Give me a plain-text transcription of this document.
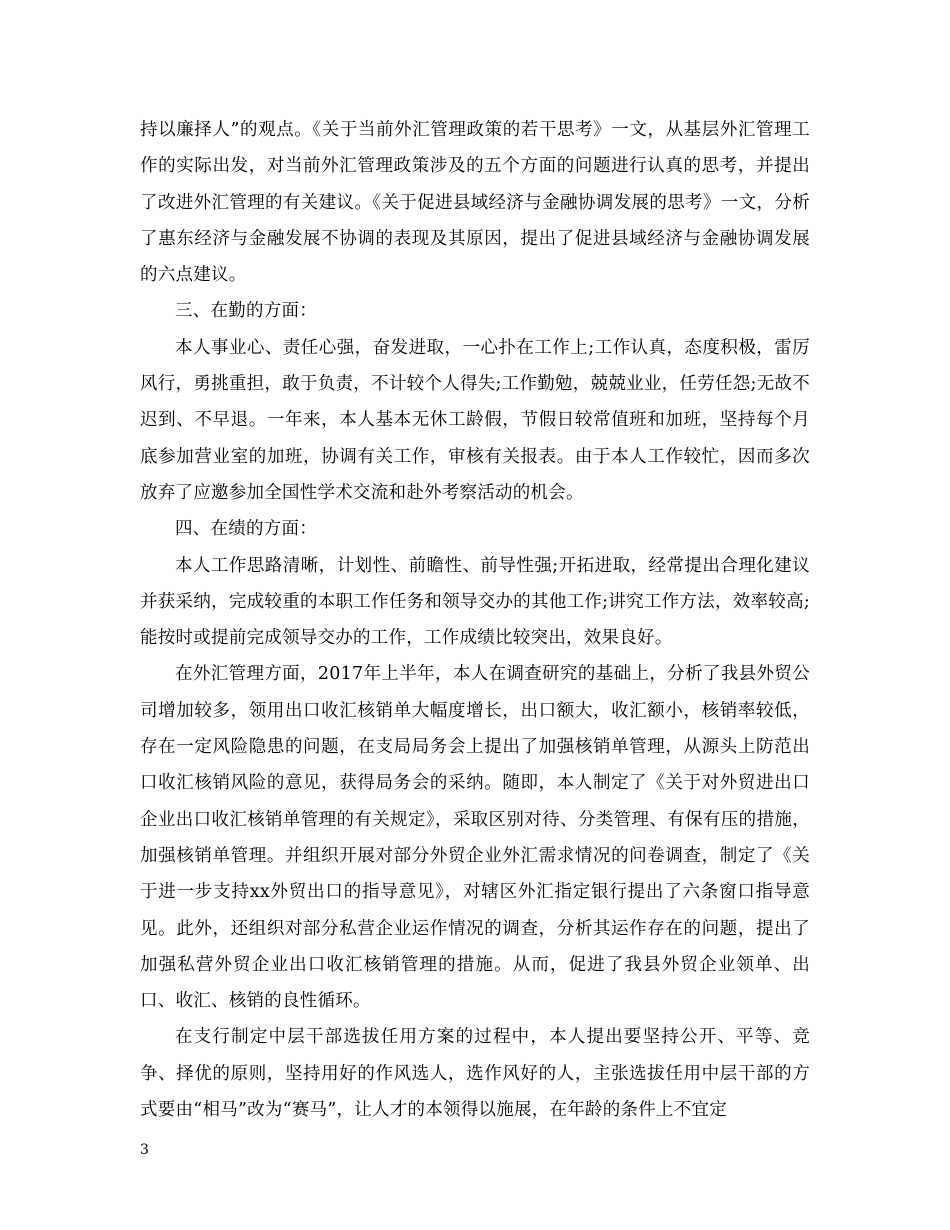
持以廉择人”的观点。《关于当前外汇管理政策的若干思考》一文，从基层外汇管理工作的实际出发，对当前外汇管理政策涉及的五个方面的问题进行认真的思考，并提出了改进外汇管理的有关建议。《关于促进县域经济与金融协调发展的思考》一文，分析了惠东经济与金融发展不协调的表现及其原因，提出了促进县域经济与金融协调发展的六点建议。

三、在勤的方面：

本人事业心、责任心强，奋发进取，一心扑在工作上;工作认真，态度积极，雷厉风行，勇挑重担，敢于负责，不计较个人得失;工作勤勉，兢兢业业，任劳任怨;无故不迟到、不早退。一年来，本人基本无休工龄假，节假日较常值班和加班，坚持每个月底参加营业室的加班，协调有关工作，审核有关报表。由于本人工作较忙，因而多次放弃了应邀参加全国性学术交流和赴外考察活动的机会。

四、在绩的方面：

本人工作思路清晰，计划性、前瞻性、前导性强;开拓进取，经常提出合理化建议并获采纳，完成较重的本职工作任务和领导交办的其他工作;讲究工作方法，效率较高;能按时或提前完成领导交办的工作，工作成绩比较突出，效果良好。

在外汇管理方面，2017年上半年，本人在调查研究的基础上，分析了我县外贸公司增加较多，领用出口收汇核销单大幅度增长，出口额大，收汇额小，核销率较低，存在一定风险隐患的问题，在支局局务会上提出了加强核销单管理，从源头上防范出口收汇核销风险的意见，获得局务会的采纳。随即，本人制定了《关于对外贸进出口企业出口收汇核销单管理的有关规定》，采取区别对待、分类管理、有保有压的措施，加强核销单管理。并组织开展对部分外贸企业外汇需求情况的问卷调查，制定了《关于进一步支持xx外贸出口的指导意见》，对辖区外汇指定银行提出了六条窗口指导意见。此外，还组织对部分私营企业运作情况的调查，分析其运作存在的问题，提出了加强私营外贸企业出口收汇核销管理的措施。从而，促进了我县外贸企业领单、出口、收汇、核销的良性循环。

在支行制定中层干部选拔任用方案的过程中，本人提出要坚持公开、平等、竞争、择优的原则，坚持用好的作风选人，选作风好的人，主张选拔任用中层干部的方式要由“相马”改为“赛马”，让人才的本领得以施展，在年龄的条件上不宜定

3
